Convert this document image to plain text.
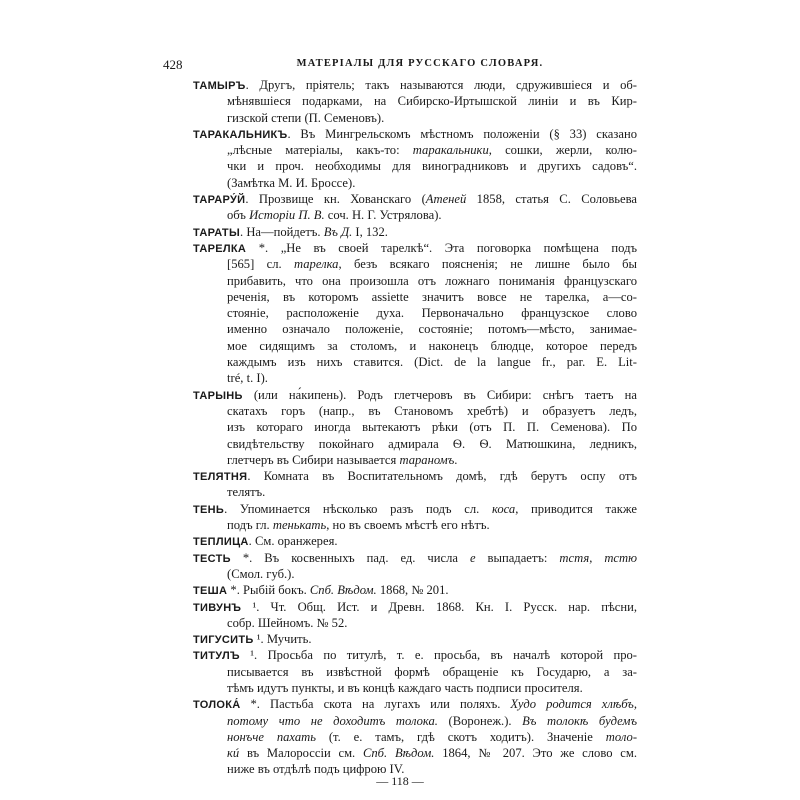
428	МАТЕРІАЛЫ ДЛЯ РУССКАГО СЛОВАРЯ.
ТАМЫРЪ. Другъ, пріятель; такъ называются люди, сдружившіеся и об-
мѣнявшіеся подарками, на Сибирско-Иртышской линіи и въ Кир-
гизской степи (П. Семеновъ).
ТАРАКАЛЬНИКЪ. Въ Мингрельскомъ мѣстномъ положеніи (§ 33) сказано
„лѣсные матеріалы, какъ-то: таракальники, сошки, жерли, колю-
чки и проч. необходимы для виноградниковъ и другихъ садовъ“.
(Замѣтка М. И. Броссе).
ТАРАРУ́Й. Прозвище кн. Хованскаго (Атеней 1858, статья С. Соловьева
объ Исторіи П. В. соч. Н. Г. Устрялова).
ТАРАТЫ. На—пойдетъ. Въ Д. I, 132.
ТАРЕЛКА *. „Не въ своей тарелкѣ“. Эта поговорка помѣщена подъ
[565] сл. тарелка, безъ всякаго поясненія; не лишне было бы
прибавить, что она произошла отъ ложнаго пониманія французскаго
реченія, въ которомъ assiette значитъ вовсе не тарелка, а—со-
стояніе, расположеніе духа. Первоначально французское слово
именно означало положеніе, состояніе; потомъ—мѣсто, занимае-
мое сидящимъ за столомъ, и наконецъ блюдце, которое передъ
каждымъ изъ нихъ ставится. (Dict. de la langue fr., par. E. Lit-
tré, t. I).
ТАРЫНЬ (или на́кипень). Родъ глетчеровъ въ Сибири: снѣгъ таетъ на
скатахъ горъ (напр., въ Становомъ хребтѣ) и образуетъ ледъ,
изъ котораго иногда вытекаютъ рѣки (отъ П. П. Семенова). По
свидѣтельству покойнаго адмирала Ѳ. Ѳ. Матюшкина, ледникъ,
глетчеръ въ Сибири называется тараномъ.
ТЕЛЯТНЯ. Комната въ Воспитательномъ домѣ, гдѣ берутъ оспу отъ
телятъ.
ТЕНЬ. Упоминается нѣсколько разъ подъ сл. коса, приводится также
подъ гл. тенькать, но въ своемъ мѣстѣ его нѣтъ.
ТЕПЛИЦА. См. оранжерея.
ТЕСТЬ *. Въ косвенныхъ пад. ед. числа е выпадаетъ: тстя, тстю
(Смол. губ.).
ТЕША *. Рыбій бокъ. Спб. Вѣдом. 1868, № 201.
ТИВУНЪ ¹. Чт. Общ. Ист. и Древн. 1868. Кн. I. Русск. нар. пѣсни,
собр. Шейномъ. № 52.
ТИГУСИТЬ ¹. Мучить.
ТИТУЛЪ ¹. Просьба по титулѣ, т. е. просьба, въ началѣ которой про-
писывается въ извѣстной формѣ обращеніе къ Государю, а за-
тѣмъ идутъ пункты, и въ концѣ каждаго часть подписи просителя.
ТОЛОКА́ *. Пастьба скота на лугахъ или поляхъ. Худо родится хлѣбъ,
потому что не доходитъ толока. (Воронеж.). Въ толокѣ будемъ
нонъче пахать (т. е. тамъ, гдѣ скотъ ходитъ). Значеніе толо-
кú въ Малороссіи см. Спб. Вѣдом. 1864, № 207. Это же слово см.
ниже въ отдѣлѣ подъ цифрою IV.
— 118 —
